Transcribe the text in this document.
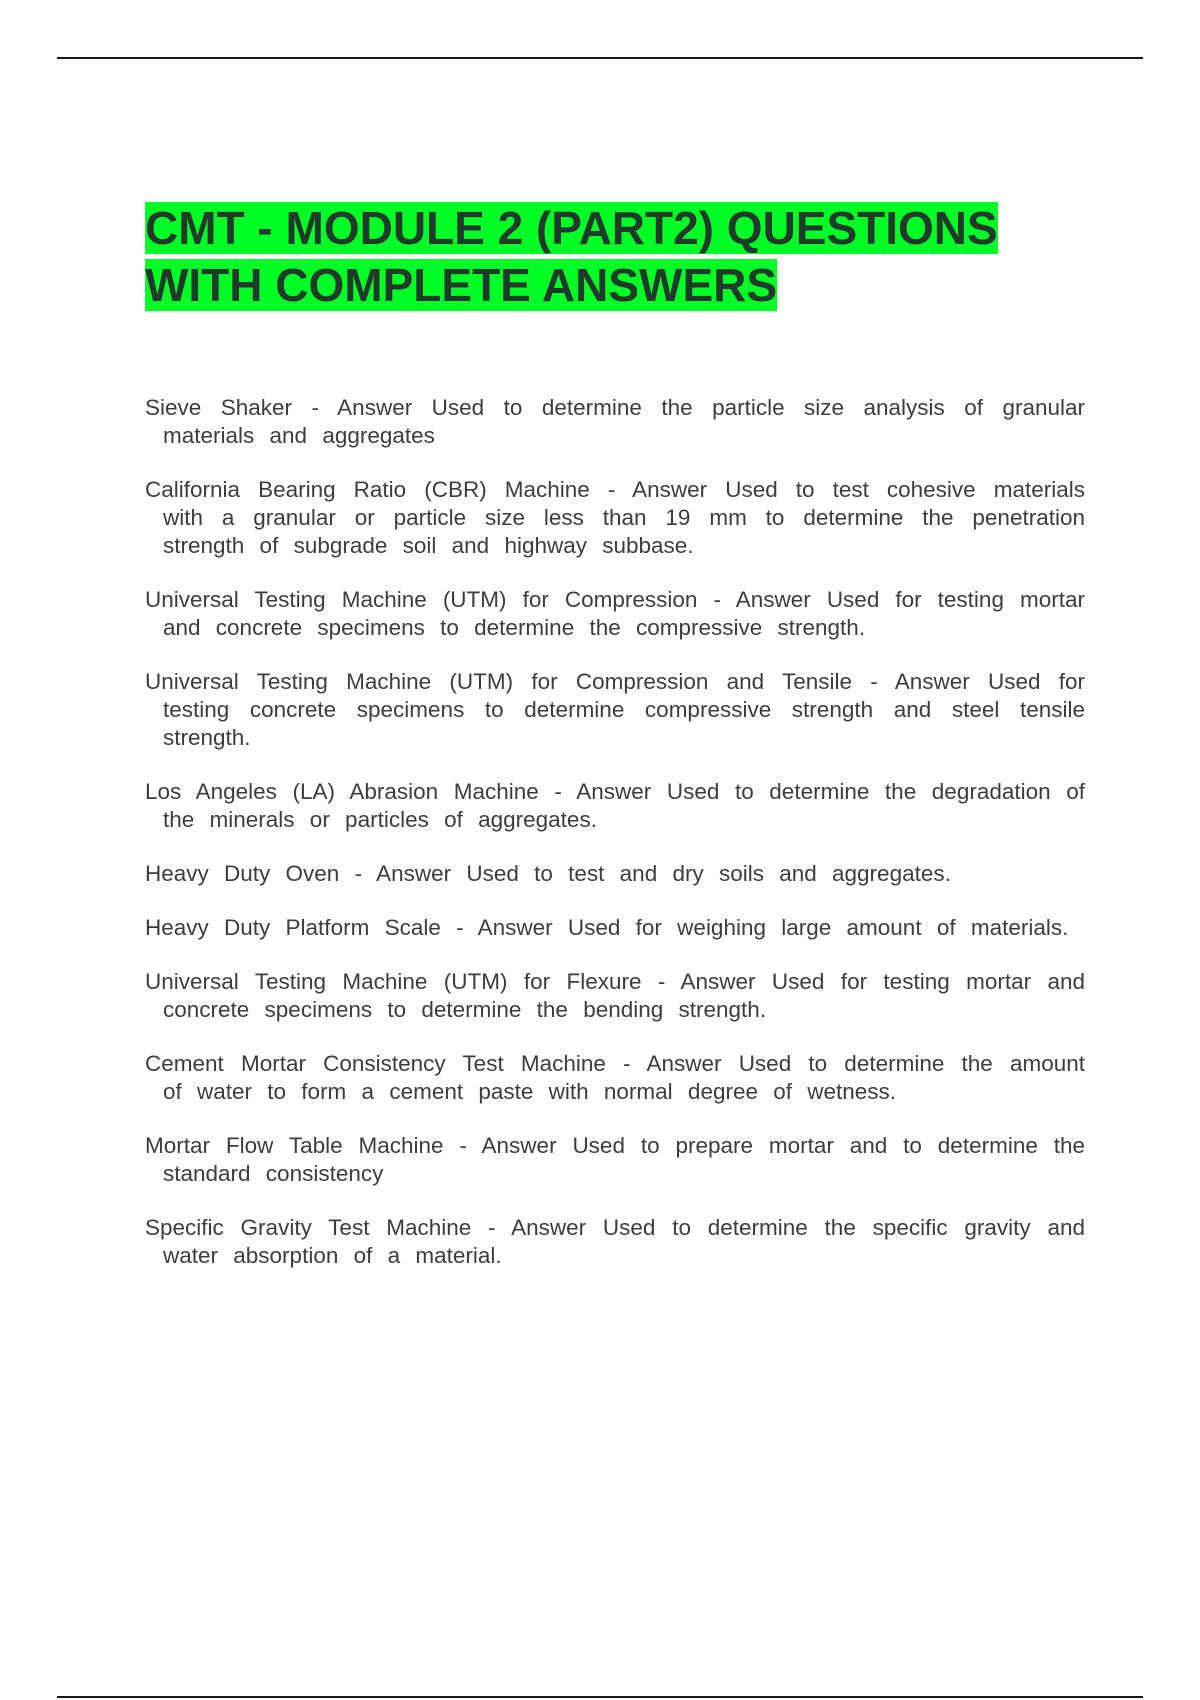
CMT - MODULE 2 (PART2) QUESTIONS
WITH COMPLETE ANSWERS

Sieve Shaker - Answer Used to determine the particle size analysis of granular materials and aggregates

California Bearing Ratio (CBR) Machine - Answer Used to test cohesive materials with a granular or particle size less than 19 mm to determine the penetration strength of subgrade soil and highway subbase.

Universal Testing Machine (UTM) for Compression - Answer Used for testing mortar and concrete specimens to determine the compressive strength.

Universal Testing Machine (UTM) for Compression and Tensile - Answer Used for testing concrete specimens to determine compressive strength and steel tensile strength.

Los Angeles (LA) Abrasion Machine - Answer Used to determine the degradation of the minerals or particles of aggregates.

Heavy Duty Oven - Answer Used to test and dry soils and aggregates.

Heavy Duty Platform Scale - Answer Used for weighing large amount of materials.

Universal Testing Machine (UTM) for Flexure - Answer Used for testing mortar and concrete specimens to determine the bending strength.

Cement Mortar Consistency Test Machine - Answer Used to determine the amount of water to form a cement paste with normal degree of wetness.

Mortar Flow Table Machine - Answer Used to prepare mortar and to determine the standard consistency

Specific Gravity Test Machine - Answer Used to determine the specific gravity and water absorption of a material.
